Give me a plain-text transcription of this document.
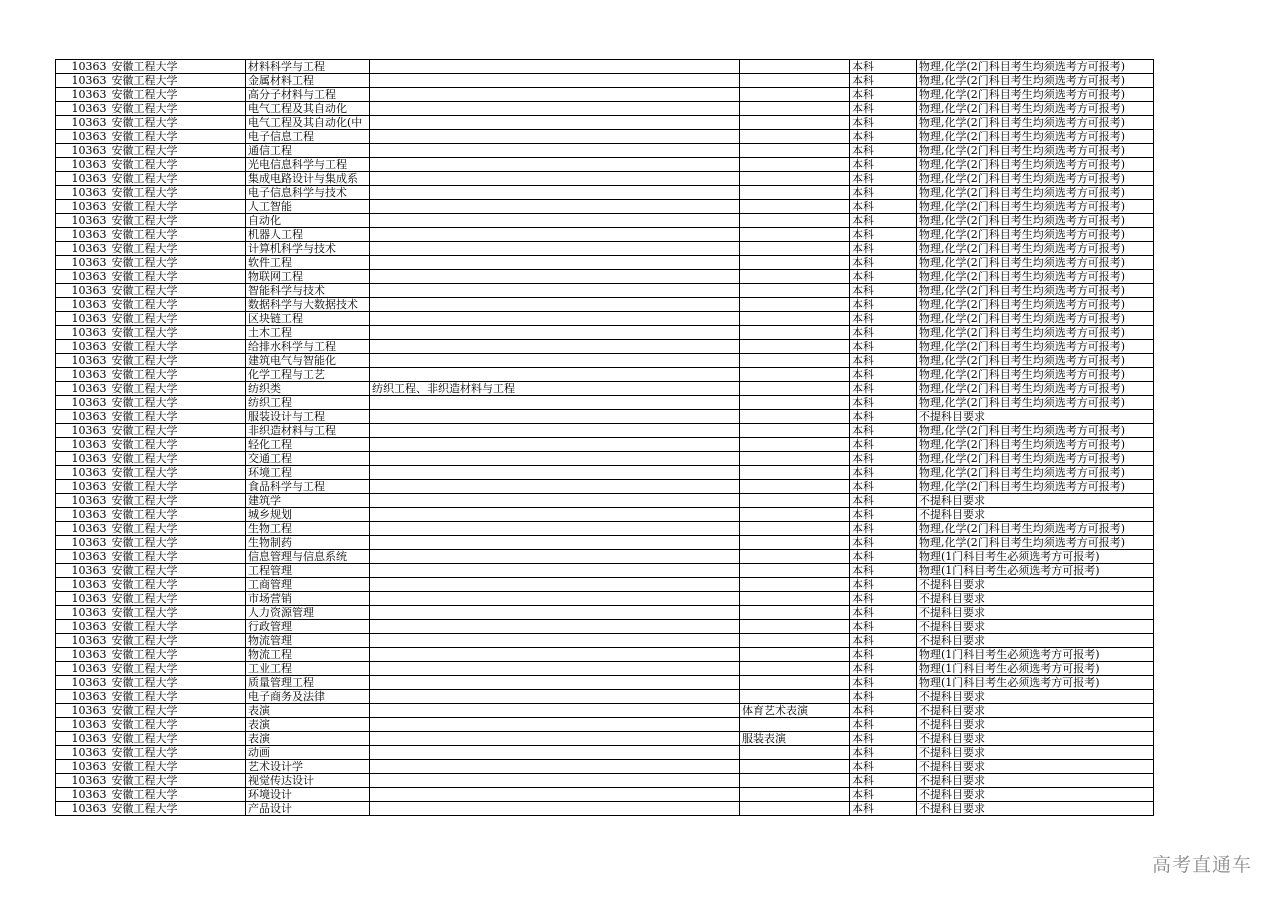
10363	安徽工程大学	材料科学与工程			本科	物理,化学(2门科目考生均须选考方可报考)
10363	安徽工程大学	金属材料工程			本科	物理,化学(2门科目考生均须选考方可报考)
10363	安徽工程大学	高分子材料与工程			本科	物理,化学(2门科目考生均须选考方可报考)
10363	安徽工程大学	电气工程及其自动化			本科	物理,化学(2门科目考生均须选考方可报考)
10363	安徽工程大学	电气工程及其自动化(中			本科	物理,化学(2门科目考生均须选考方可报考)
10363	安徽工程大学	电子信息工程			本科	物理,化学(2门科目考生均须选考方可报考)
10363	安徽工程大学	通信工程			本科	物理,化学(2门科目考生均须选考方可报考)
10363	安徽工程大学	光电信息科学与工程			本科	物理,化学(2门科目考生均须选考方可报考)
10363	安徽工程大学	集成电路设计与集成系			本科	物理,化学(2门科目考生均须选考方可报考)
10363	安徽工程大学	电子信息科学与技术			本科	物理,化学(2门科目考生均须选考方可报考)
10363	安徽工程大学	人工智能			本科	物理,化学(2门科目考生均须选考方可报考)
10363	安徽工程大学	自动化			本科	物理,化学(2门科目考生均须选考方可报考)
10363	安徽工程大学	机器人工程			本科	物理,化学(2门科目考生均须选考方可报考)
10363	安徽工程大学	计算机科学与技术			本科	物理,化学(2门科目考生均须选考方可报考)
10363	安徽工程大学	软件工程			本科	物理,化学(2门科目考生均须选考方可报考)
10363	安徽工程大学	物联网工程			本科	物理,化学(2门科目考生均须选考方可报考)
10363	安徽工程大学	智能科学与技术			本科	物理,化学(2门科目考生均须选考方可报考)
10363	安徽工程大学	数据科学与大数据技术			本科	物理,化学(2门科目考生均须选考方可报考)
10363	安徽工程大学	区块链工程			本科	物理,化学(2门科目考生均须选考方可报考)
10363	安徽工程大学	土木工程			本科	物理,化学(2门科目考生均须选考方可报考)
10363	安徽工程大学	给排水科学与工程			本科	物理,化学(2门科目考生均须选考方可报考)
10363	安徽工程大学	建筑电气与智能化			本科	物理,化学(2门科目考生均须选考方可报考)
10363	安徽工程大学	化学工程与工艺			本科	物理,化学(2门科目考生均须选考方可报考)
10363	安徽工程大学	纺织类	纺织工程、非织造材料与工程		本科	物理,化学(2门科目考生均须选考方可报考)
10363	安徽工程大学	纺织工程			本科	物理,化学(2门科目考生均须选考方可报考)
10363	安徽工程大学	服装设计与工程			本科	不提科目要求
10363	安徽工程大学	非织造材料与工程			本科	物理,化学(2门科目考生均须选考方可报考)
10363	安徽工程大学	轻化工程			本科	物理,化学(2门科目考生均须选考方可报考)
10363	安徽工程大学	交通工程			本科	物理,化学(2门科目考生均须选考方可报考)
10363	安徽工程大学	环境工程			本科	物理,化学(2门科目考生均须选考方可报考)
10363	安徽工程大学	食品科学与工程			本科	物理,化学(2门科目考生均须选考方可报考)
10363	安徽工程大学	建筑学			本科	不提科目要求
10363	安徽工程大学	城乡规划			本科	不提科目要求
10363	安徽工程大学	生物工程			本科	物理,化学(2门科目考生均须选考方可报考)
10363	安徽工程大学	生物制药			本科	物理,化学(2门科目考生均须选考方可报考)
10363	安徽工程大学	信息管理与信息系统			本科	物理(1门科目考生必须选考方可报考)
10363	安徽工程大学	工程管理			本科	物理(1门科目考生必须选考方可报考)
10363	安徽工程大学	工商管理			本科	不提科目要求
10363	安徽工程大学	市场营销			本科	不提科目要求
10363	安徽工程大学	人力资源管理			本科	不提科目要求
10363	安徽工程大学	行政管理			本科	不提科目要求
10363	安徽工程大学	物流管理			本科	不提科目要求
10363	安徽工程大学	物流工程			本科	物理(1门科目考生必须选考方可报考)
10363	安徽工程大学	工业工程			本科	物理(1门科目考生必须选考方可报考)
10363	安徽工程大学	质量管理工程			本科	物理(1门科目考生必须选考方可报考)
10363	安徽工程大学	电子商务及法律			本科	不提科目要求
10363	安徽工程大学	表演		体育艺术表演	本科	不提科目要求
10363	安徽工程大学	表演			本科	不提科目要求
10363	安徽工程大学	表演		服装表演	本科	不提科目要求
10363	安徽工程大学	动画			本科	不提科目要求
10363	安徽工程大学	艺术设计学			本科	不提科目要求
10363	安徽工程大学	视觉传达设计			本科	不提科目要求
10363	安徽工程大学	环境设计			本科	不提科目要求
10363	安徽工程大学	产品设计			本科	不提科目要求
高考直通车
